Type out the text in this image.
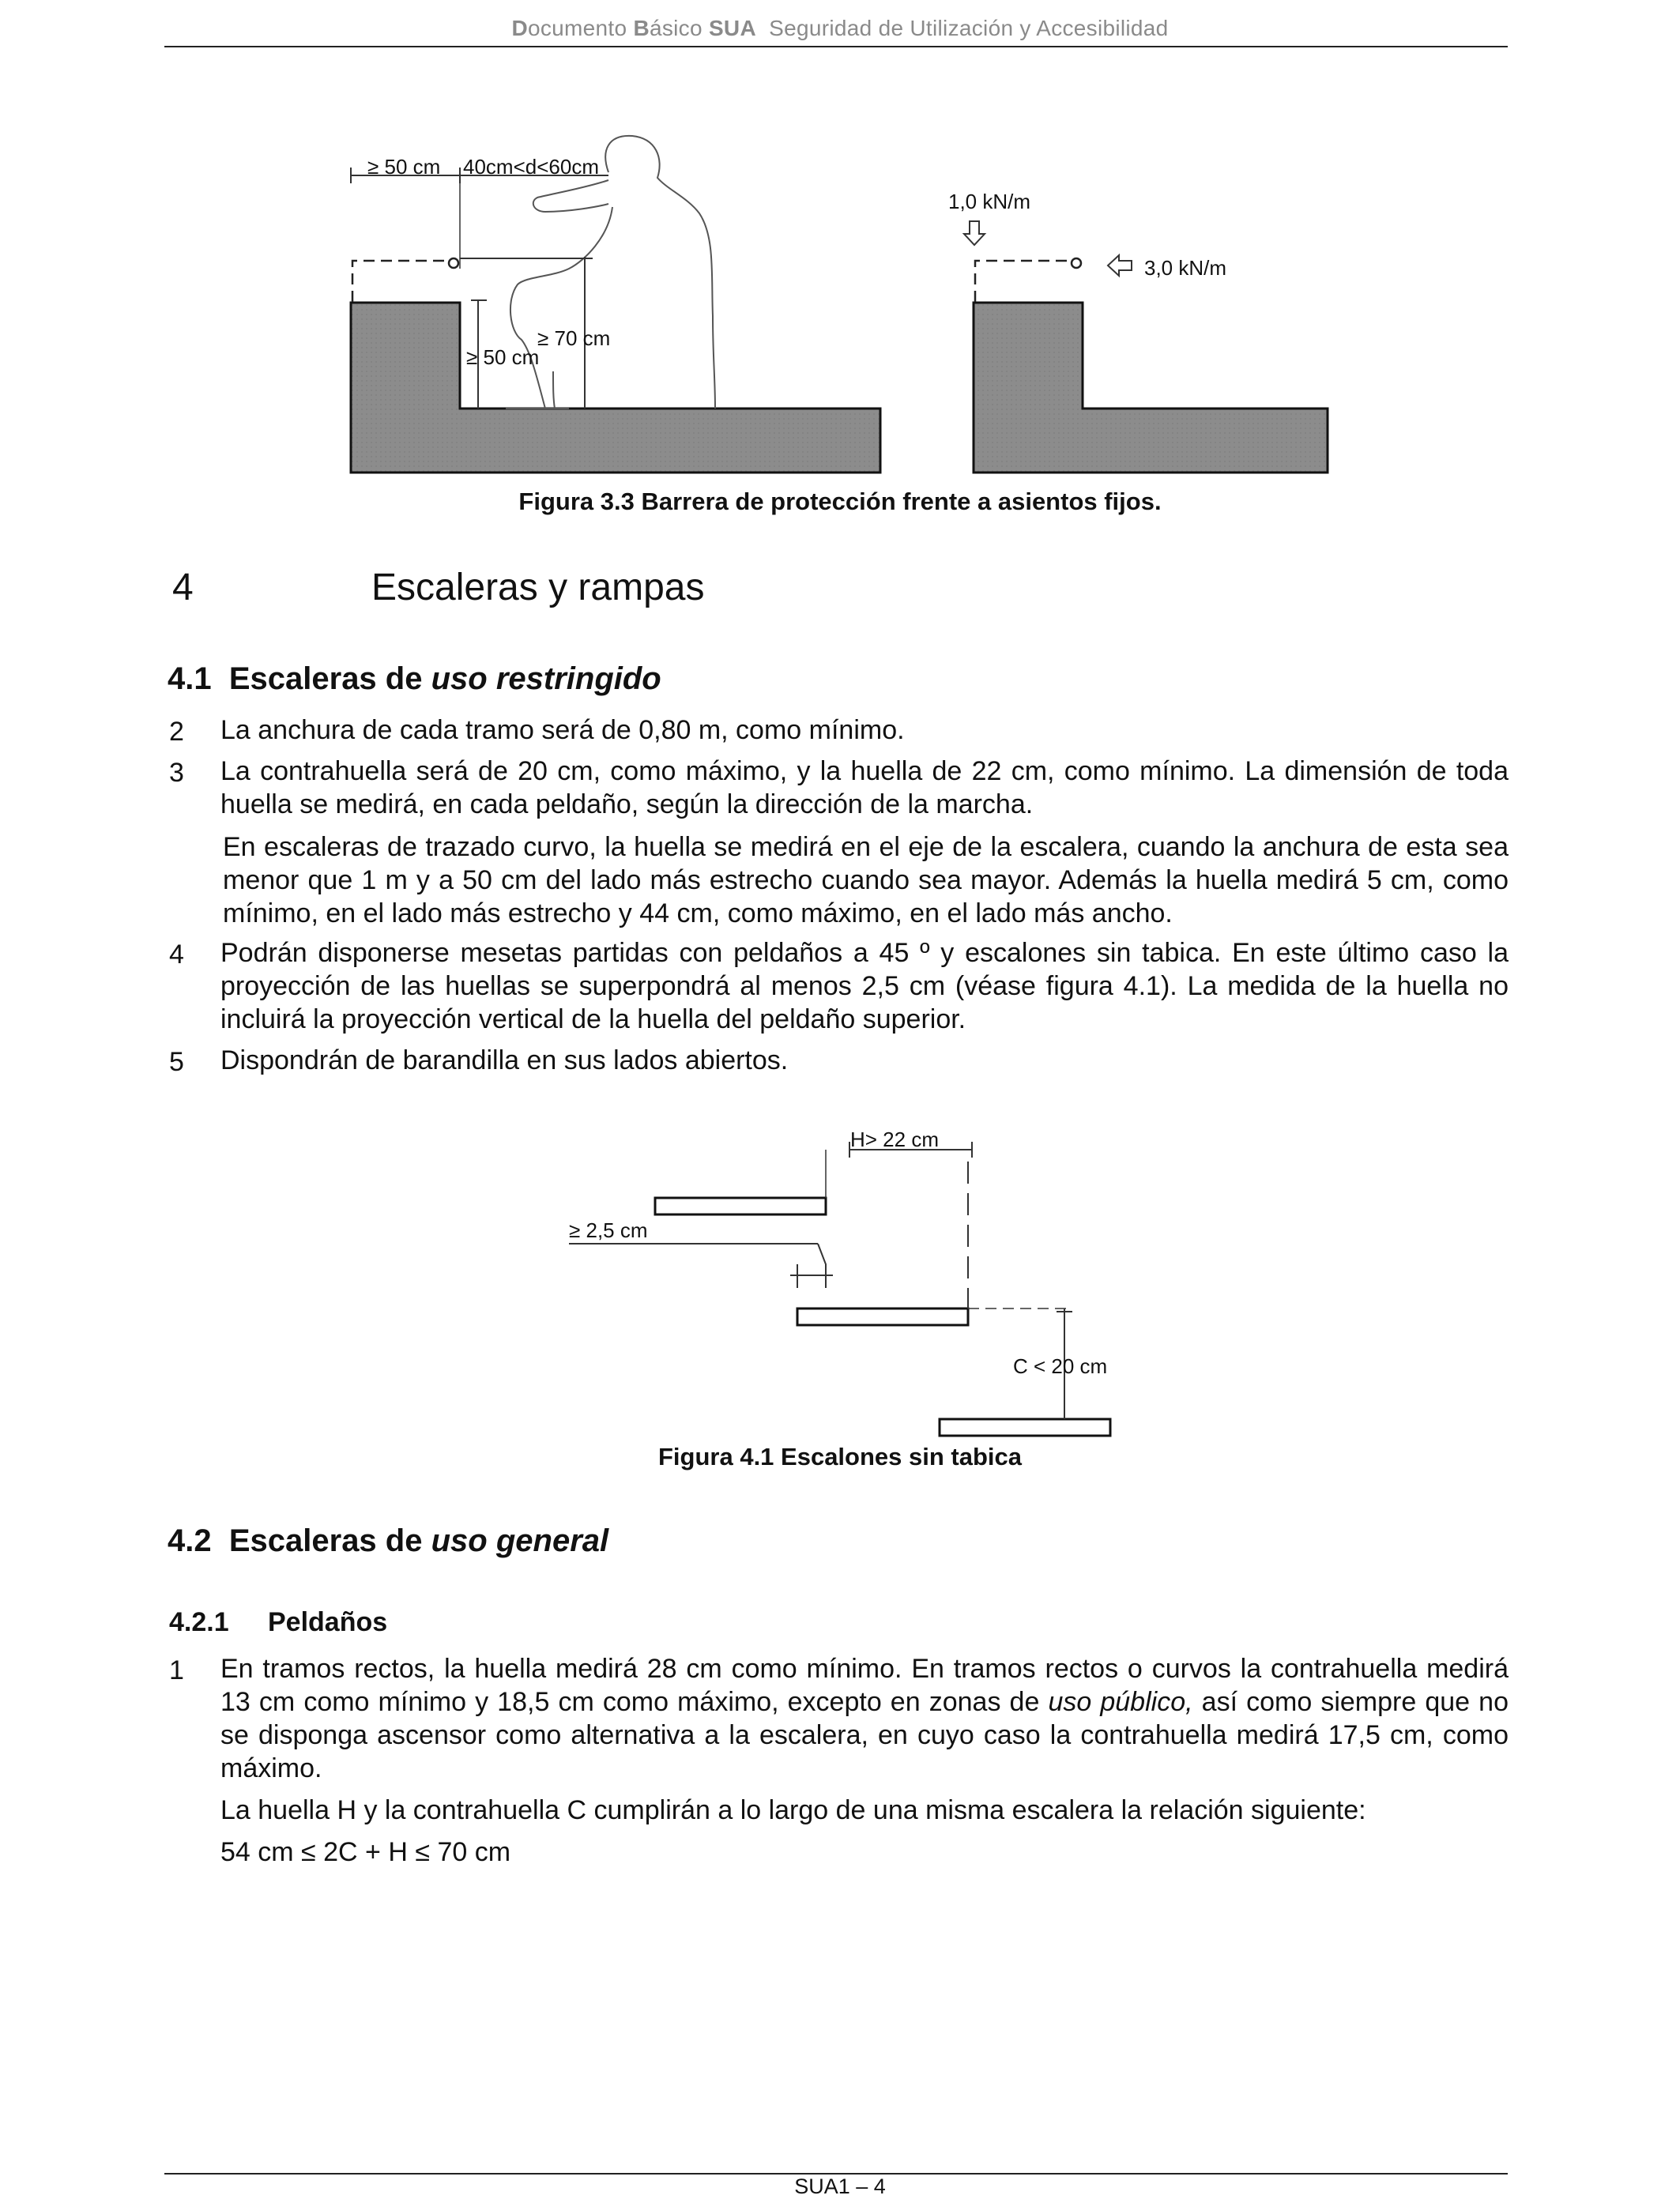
Documento Básico SUA Seguridad de Utilización y Accesibilidad
≥ 50 cm 40cm<d<60cm
≥ 50 cm
≥ 70 cm
1,0 kN/m
3,0 kN/m
Figura 3.3 Barrera de protección frente a asientos fijos.
4	Escaleras y rampas
4.1 Escaleras de uso restringido
2 La anchura de cada tramo será de 0,80 m, como mínimo.
3 La contrahuella será de 20 cm, como máximo, y la huella de 22 cm, como mínimo. La dimensión de toda huella se medirá, en cada peldaño, según la dirección de la marcha.
En escaleras de trazado curvo, la huella se medirá en el eje de la escalera, cuando la anchura de esta sea menor que 1 m y a 50 cm del lado más estrecho cuando sea mayor. Además la huella medirá 5 cm, como mínimo, en el lado más estrecho y 44 cm, como máximo, en el lado más ancho.
4 Podrán disponerse mesetas partidas con peldaños a 45 º y escalones sin tabica. En este último caso la proyección de las huellas se superpondrá al menos 2,5 cm (véase figura 4.1). La medida de la huella no incluirá la proyección vertical de la huella del peldaño superior.
5 Dispondrán de barandilla en sus lados abiertos.
H> 22 cm
≥ 2,5 cm
C < 20 cm
Figura 4.1 Escalones sin tabica
4.2 Escaleras de uso general
4.2.1 Peldaños
1 En tramos rectos, la huella medirá 28 cm como mínimo. En tramos rectos o curvos la contrahuella medirá 13 cm como mínimo y 18,5 cm como máximo, excepto en zonas de uso público, así como siempre que no se disponga ascensor como alternativa a la escalera, en cuyo caso la contrahuella medirá 17,5 cm, como máximo.
La huella H y la contrahuella C cumplirán a lo largo de una misma escalera la relación siguiente:
54 cm ≤ 2C + H ≤ 70 cm
SUA1 – 4
